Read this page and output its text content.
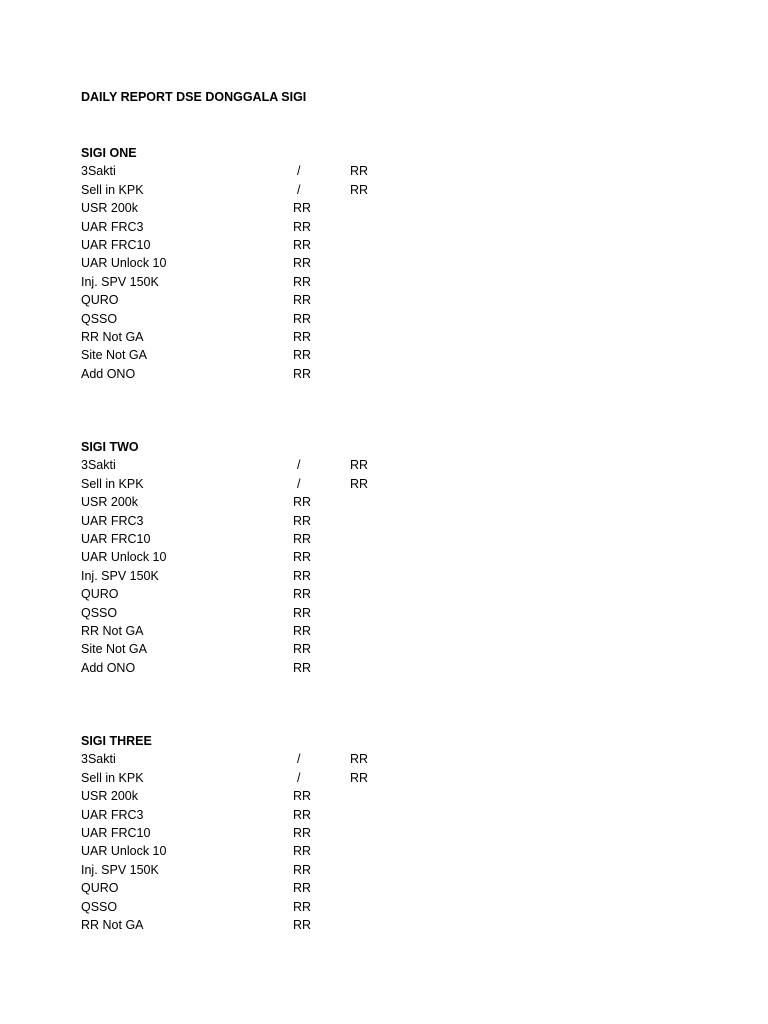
DAILY REPORT DSE DONGGALA SIGI
SIGI ONE
3Sakti	/	RR
Sell in KPK	/	RR
USR 200k	RR
UAR FRC3	RR
UAR FRC10	RR
UAR Unlock 10	RR
Inj. SPV 150K	RR
QURO	RR
QSSO	RR
RR Not GA	RR
Site Not GA	RR
Add ONO	RR
SIGI TWO
3Sakti	/	RR
Sell in KPK	/	RR
USR 200k	RR
UAR FRC3	RR
UAR FRC10	RR
UAR Unlock 10	RR
Inj. SPV 150K	RR
QURO	RR
QSSO	RR
RR Not GA	RR
Site Not GA	RR
Add ONO	RR
SIGI THREE
3Sakti	/	RR
Sell in KPK	/	RR
USR 200k	RR
UAR FRC3	RR
UAR FRC10	RR
UAR Unlock 10	RR
Inj. SPV 150K	RR
QURO	RR
QSSO	RR
RR Not GA	RR
